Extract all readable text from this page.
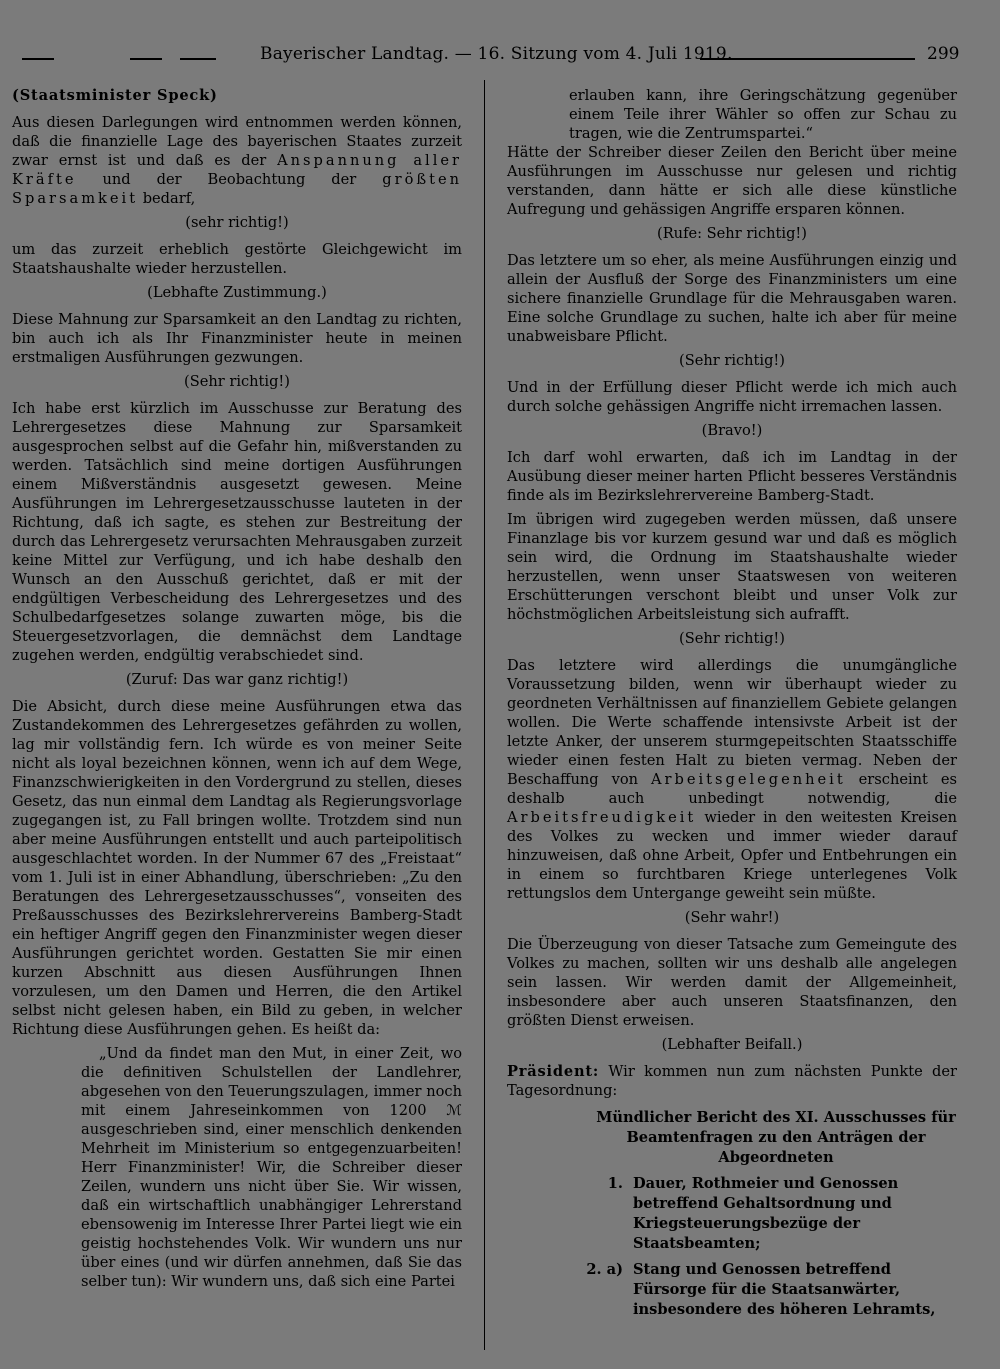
Bayerischer Landtag. — 16. Sitzung vom 4. Juli 1919.	299

(Staatsminister Speck)

Aus diesen Darlegungen wird entnommen werden können, daß die finanzielle Lage des bayerischen Staates zurzeit zwar ernst ist und daß es der Anspannung aller Kräfte und der Beobachtung der größten Sparsamkeit bedarf,

(sehr richtig!)

um das zurzeit erheblich gestörte Gleichgewicht im Staatshaushalte wieder herzustellen.

(Lebhafte Zustimmung.)

Diese Mahnung zur Sparsamkeit an den Landtag zu richten, bin auch ich als Ihr Finanzminister heute in meinen erstmaligen Ausführungen gezwungen.

(Sehr richtig!)

Ich habe erst kürzlich im Ausschusse zur Beratung des Lehrergesetzes diese Mahnung zur Sparsamkeit ausgesprochen selbst auf die Gefahr hin, mißverstanden zu werden. Tatsächlich sind meine dortigen Ausführungen einem Mißverständnis ausgesetzt gewesen. Meine Ausführungen im Lehrergesetzausschusse lauteten in der Richtung, daß ich sagte, es stehen zur Bestreitung der durch das Lehrergesetz verursachten Mehrausgaben zurzeit keine Mittel zur Verfügung, und ich habe deshalb den Wunsch an den Ausschuß gerichtet, daß er mit der endgültigen Verbescheidung des Lehrergesetzes und des Schulbedarfgesetzes solange zuwarten möge, bis die Steuergesetzvorlagen, die demnächst dem Landtage zugehen werden, endgültig verabschiedet sind.

(Zuruf: Das war ganz richtig!)

Die Absicht, durch diese meine Ausführungen etwa das Zustandekommen des Lehrergesetzes gefährden zu wollen, lag mir vollständig fern. Ich würde es von meiner Seite nicht als loyal bezeichnen können, wenn ich auf dem Wege, Finanzschwierigkeiten in den Vordergrund zu stellen, dieses Gesetz, das nun einmal dem Landtag als Regierungsvorlage zugegangen ist, zu Fall bringen wollte. Trotzdem sind nun aber meine Ausführungen entstellt und auch parteipolitisch ausgeschlachtet worden. In der Nummer 67 des „Freistaat“ vom 1. Juli ist in einer Abhandlung, überschrieben: „Zu den Beratungen des Lehrergesetzausschusses“, vonseiten des Preßausschusses des Bezirkslehrervereins Bamberg-Stadt ein heftiger Angriff gegen den Finanzminister wegen dieser Ausführungen gerichtet worden. Gestatten Sie mir einen kurzen Abschnitt aus diesen Ausführungen Ihnen vorzulesen, um den Damen und Herren, die den Artikel selbst nicht gelesen haben, ein Bild zu geben, in welcher Richtung diese Ausführungen gehen. Es heißt da:

„Und da findet man den Mut, in einer Zeit, wo die definitiven Schulstellen der Landlehrer, abgesehen von den Teuerungszulagen, immer noch mit einem Jahreseinkommen von 1200 ℳ ausgeschrieben sind, einer menschlich denkenden Mehrheit im Ministerium so entgegenzuarbeiten! Herr Finanzminister! Wir, die Schreiber dieser Zeilen, wundern uns nicht über Sie. Wir wissen, daß ein wirtschaftlich unabhängiger Lehrerstand ebensowenig im Interesse Ihrer Partei liegt wie ein geistig hochstehendes Volk. Wir wundern uns nur über eines (und wir dürfen annehmen, daß Sie das selber tun): Wir wundern uns, daß sich eine Partei

erlauben kann, ihre Geringschätzung gegenüber einem Teile ihrer Wähler so offen zur Schau zu tragen, wie die Zentrumspartei.“

Hätte der Schreiber dieser Zeilen den Bericht über meine Ausführungen im Ausschusse nur gelesen und richtig verstanden, dann hätte er sich alle diese künstliche Aufregung und gehässigen Angriffe ersparen können.

(Rufe: Sehr richtig!)

Das letztere um so eher, als meine Ausführungen einzig und allein der Ausfluß der Sorge des Finanzministers um eine sichere finanzielle Grundlage für die Mehrausgaben waren. Eine solche Grundlage zu suchen, halte ich aber für meine unabweisbare Pflicht.

(Sehr richtig!)

Und in der Erfüllung dieser Pflicht werde ich mich auch durch solche gehässigen Angriffe nicht irremachen lassen.

(Bravo!)

Ich darf wohl erwarten, daß ich im Landtag in der Ausübung dieser meiner harten Pflicht besseres Verständnis finde als im Bezirkslehrervereine Bamberg-Stadt.

Im übrigen wird zugegeben werden müssen, daß unsere Finanzlage bis vor kurzem gesund war und daß es möglich sein wird, die Ordnung im Staatshaushalte wieder herzustellen, wenn unser Staatswesen von weiteren Erschütterungen verschont bleibt und unser Volk zur höchstmöglichen Arbeitsleistung sich aufrafft.

(Sehr richtig!)

Das letztere wird allerdings die unumgängliche Voraussetzung bilden, wenn wir überhaupt wieder zu geordneten Verhältnissen auf finanziellem Gebiete gelangen wollen. Die Werte schaffende intensivste Arbeit ist der letzte Anker, der unserem sturmgepeitschten Staatsschiffe wieder einen festen Halt zu bieten vermag. Neben der Beschaffung von Arbeitsgelegenheit erscheint es deshalb auch unbedingt notwendig, die Arbeitsfreudigkeit wieder in den weitesten Kreisen des Volkes zu wecken und immer wieder darauf hinzuweisen, daß ohne Arbeit, Opfer und Entbehrungen ein in einem so furchtbaren Kriege unterlegenes Volk rettungslos dem Untergange geweiht sein müßte.

(Sehr wahr!)

Die Überzeugung von dieser Tatsache zum Gemeingute des Volkes zu machen, sollten wir uns deshalb alle angelegen sein lassen. Wir werden damit der Allgemeinheit, insbesondere aber auch unseren Staatsfinanzen, den größten Dienst erweisen.

(Lebhafter Beifall.)

Präsident: Wir kommen nun zum nächsten Punkte der Tagesordnung:

Mündlicher Bericht des XI. Ausschusses für Beamtenfragen zu den Anträgen der Abgeordneten

1. Dauer, Rothmeier und Genossen betreffend Gehaltsordnung und Kriegsteuerungsbezüge der Staatsbeamten;
2. a) Stang und Genossen betreffend Fürsorge für die Staatsanwärter, insbesondere des höheren Lehramts,
